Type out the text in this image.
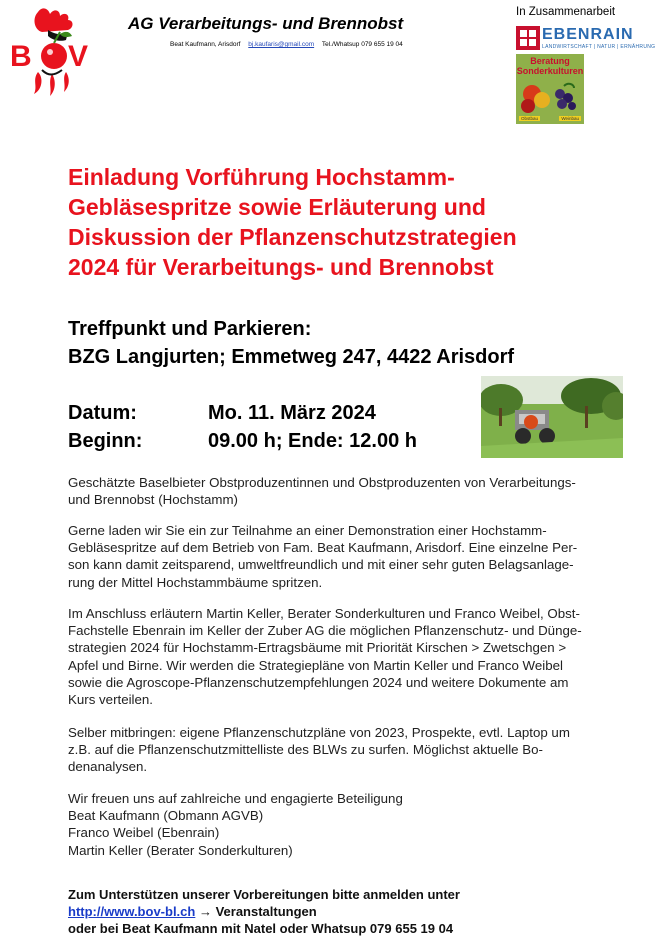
B V
AG Verarbeitungs- und Brennobst
Beat Kaufmann, Arisdorf bj.kaufaris@gmail.com Tel./Whatsup 079 655 19 04
In Zusammenarbeit
EBENRAIN
LANDWIRTSCHAFT | NATUR | ERNÄHRUNG
Beratung Sonderkulturen
Obstbau	Weinbau
Einladung Vorführung Hochstamm-
Gebläsespritze sowie Erläuterung und
Diskussion der Pflanzenschutzstrategien
2024 für Verarbeitungs- und Brennobst
Treffpunkt und Parkieren:
BZG Langjurten; Emmetweg 247, 4422 Arisdorf
Datum:	Mo. 11. März 2024
Beginn:	09.00 h; Ende: 12.00 h
Geschätzte Baselbieter Obstproduzentinnen und Obstproduzenten von Verarbeitungs-
und Brennobst (Hochstamm)
Gerne laden wir Sie ein zur Teilnahme an einer Demonstration einer Hochstamm-
Gebläsespritze auf dem Betrieb von Fam. Beat Kaufmann, Arisdorf. Eine einzelne Per-
son kann damit zeitsparend, umweltfreundlich und mit einer sehr guten Belagsanlage-
rung der Mittel Hochstammbäume spritzen.
Im Anschluss erläutern Martin Keller, Berater Sonderkulturen und Franco Weibel, Obst-
Fachstelle Ebenrain im Keller der Zuber AG die möglichen Pflanzenschutz- und Dünge-
strategien 2024 für Hochstamm-Ertragsbäume mit Priorität Kirschen > Zwetschgen >
Apfel und Birne. Wir werden die Strategiepläne von Martin Keller und Franco Weibel
sowie die Agroscope-Pflanzenschutzempfehlungen 2024 und weitere Dokumente am
Kurs verteilen.
Selber mitbringen: eigene Pflanzenschutzpläne von 2023, Prospekte, evtl. Laptop um
z.B. auf die Pflanzenschutzmittelliste des BLWs zu surfen. Möglichst aktuelle Bo-
denanalysen.
Wir freuen uns auf zahlreiche und engagierte Beteiligung
Beat Kaufmann (Obmann AGVB)
Franco Weibel (Ebenrain)
Martin Keller (Berater Sonderkulturen)
Zum Unterstützen unserer Vorbereitungen bitte anmelden unter
http://www.bov-bl.ch → Veranstaltungen
oder bei Beat Kaufmann mit Natel oder Whatsup 079 655 19 04
